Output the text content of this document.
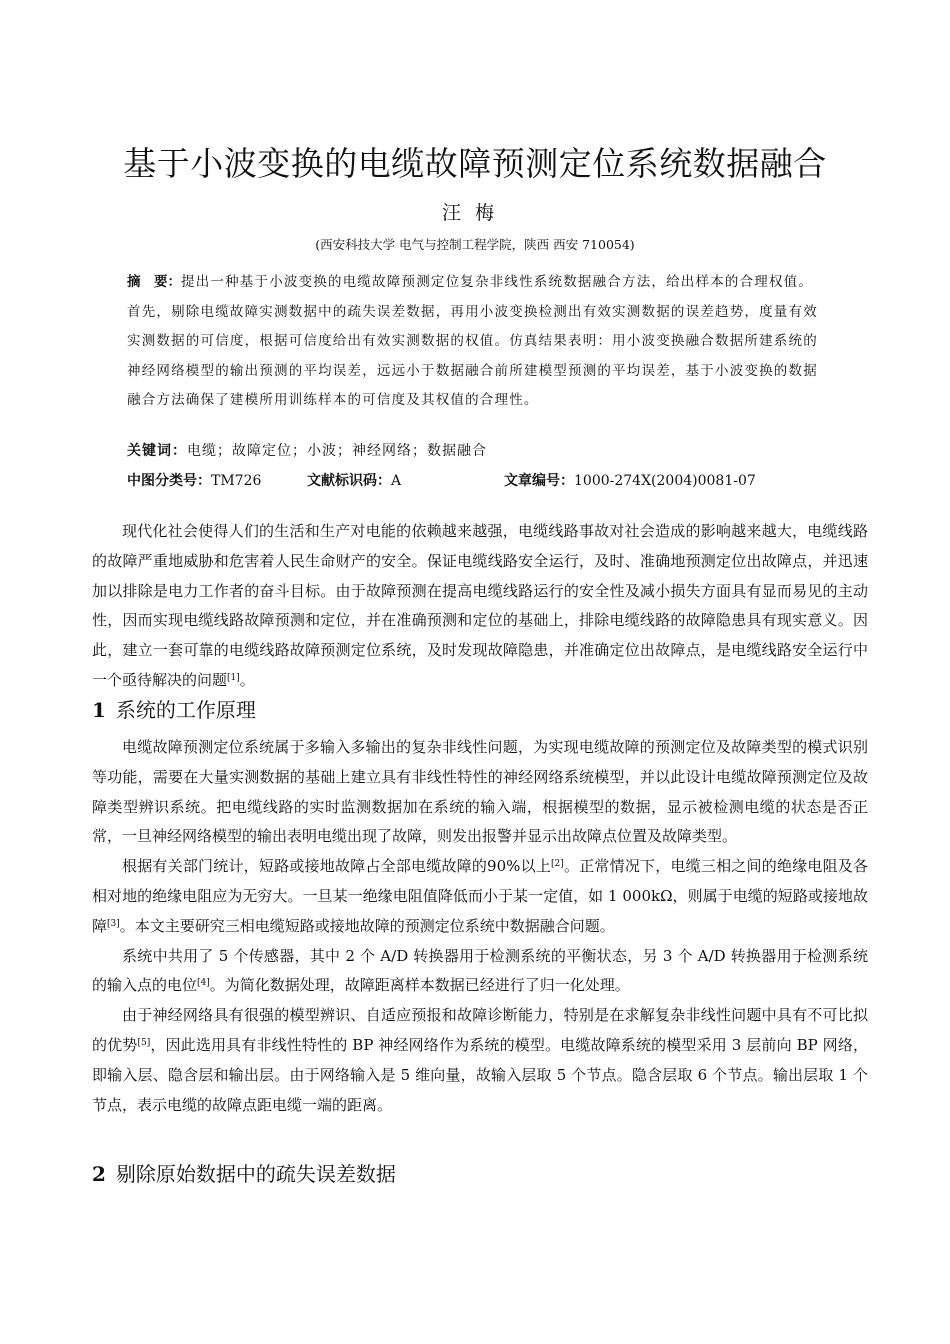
基于小波变换的电缆故障预测定位系统数据融合
汪梅
(西安科技大学 电气与控制工程学院，陕西 西安 710054)
摘　要：提出一种基于小波变换的电缆故障预测定位复杂非线性系统数据融合方法，给出样本的合理权值。首先，剔除电缆故障实测数据中的疏失误差数据，再用小波变换检测出有效实测数据的误差趋势，度量有效实测数据的可信度，根据可信度给出有效实测数据的权值。仿真结果表明：用小波变换融合数据所建系统的神经网络模型的输出预测的平均误差，远远小于数据融合前所建模型预测的平均误差，基于小波变换的数据融合方法确保了建模所用训练样本的可信度及其权值的合理性。
关键词：电缆；故障定位；小波；神经网络；数据融合
中图分类号：TM726	文献标识码：A	文章编号：1000-274X(2004)0081-07

现代化社会使得人们的生活和生产对电能的依赖越来越强，电缆线路事故对社会造成的影响越来越大，电缆线路的故障严重地威胁和危害着人民生命财产的安全。保证电缆线路安全运行，及时、准确地预测定位出故障点，并迅速加以排除是电力工作者的奋斗目标。由于故障预测在提高电缆线路运行的安全性及减小损失方面具有显而易见的主动性，因而实现电缆线路故障预测和定位，并在准确预测和定位的基础上，排除电缆线路的故障隐患具有现实意义。因此，建立一套可靠的电缆线路故障预测定位系统，及时发现故障隐患，并准确定位出故障点，是电缆线路安全运行中一个亟待解决的问题[1]。

1 系统的工作原理

电缆故障预测定位系统属于多输入多输出的复杂非线性问题，为实现电缆故障的预测定位及故障类型的模式识别等功能，需要在大量实测数据的基础上建立具有非线性特性的神经网络系统模型，并以此设计电缆故障预测定位及故障类型辨识系统。把电缆线路的实时监测数据加在系统的输入端，根据模型的数据，显示被检测电缆的状态是否正常，一旦神经网络模型的输出表明电缆出现了故障，则发出报警并显示出故障点位置及故障类型。

根据有关部门统计，短路或接地故障占全部电缆故障的90%以上[2]。正常情况下，电缆三相之间的绝缘电阻及各相对地的绝缘电阻应为无穷大。一旦某一绝缘电阻值降低而小于某一定值，如 1 000kΩ，则属于电缆的短路或接地故障[3]。本文主要研究三相电缆短路或接地故障的预测定位系统中数据融合问题。

系统中共用了 5 个传感器，其中 2 个 A/D 转换器用于检测系统的平衡状态，另 3 个 A/D 转换器用于检测系统的输入点的电位[4]。为简化数据处理，故障距离样本数据已经进行了归一化处理。

由于神经网络具有很强的模型辨识、自适应预报和故障诊断能力，特别是在求解复杂非线性问题中具有不可比拟的优势[5]，因此选用具有非线性特性的 BP 神经网络作为系统的模型。电缆故障系统的模型采用 3 层前向 BP 网络，即输入层、隐含层和输出层。由于网络输入是 5 维向量，故输入层取 5 个节点。隐含层取 6 个节点。输出层取 1 个节点，表示电缆的故障点距电缆一端的距离。

2 剔除原始数据中的疏失误差数据
